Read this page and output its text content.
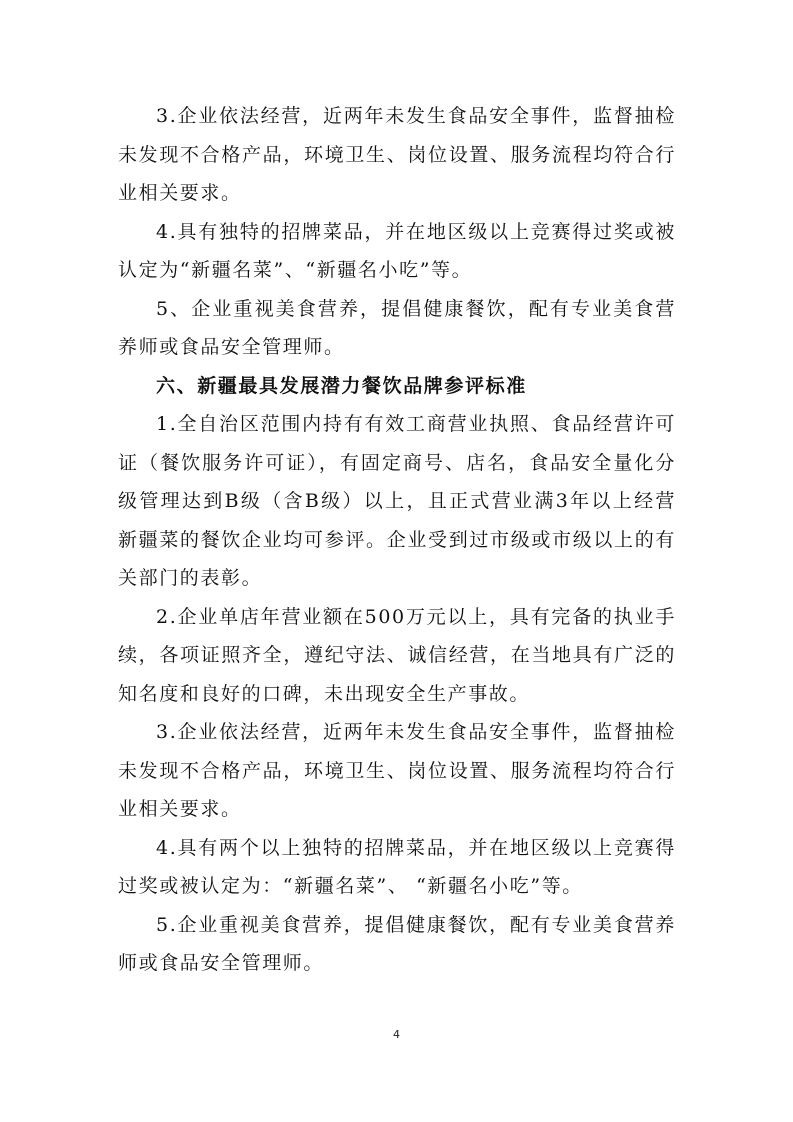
3.企业依法经营，近两年未发生食品安全事件，监督抽检未发现不合格产品，环境卫生、岗位设置、服务流程均符合行业相关要求。

4.具有独特的招牌菜品，并在地区级以上竞赛得过奖或被认定为“新疆名菜”、“新疆名小吃”等。

5、企业重视美食营养，提倡健康餐饮，配有专业美食营养师或食品安全管理师。

六、新疆最具发展潜力餐饮品牌参评标准

1.全自治区范围内持有有效工商营业执照、食品经营许可证（餐饮服务许可证），有固定商号、店名，食品安全量化分级管理达到B级（含B级）以上，且正式营业满3年以上经营新疆菜的餐饮企业均可参评。企业受到过市级或市级以上的有关部门的表彰。

2.企业单店年营业额在500万元以上，具有完备的执业手续，各项证照齐全，遵纪守法、诚信经营，在当地具有广泛的知名度和良好的口碑，未出现安全生产事故。

3.企业依法经营，近两年未发生食品安全事件，监督抽检未发现不合格产品，环境卫生、岗位设置、服务流程均符合行业相关要求。

4.具有两个以上独特的招牌菜品，并在地区级以上竞赛得过奖或被认定为：“新疆名菜”、 “新疆名小吃”等。

5.企业重视美食营养，提倡健康餐饮，配有专业美食营养师或食品安全管理师。

4
